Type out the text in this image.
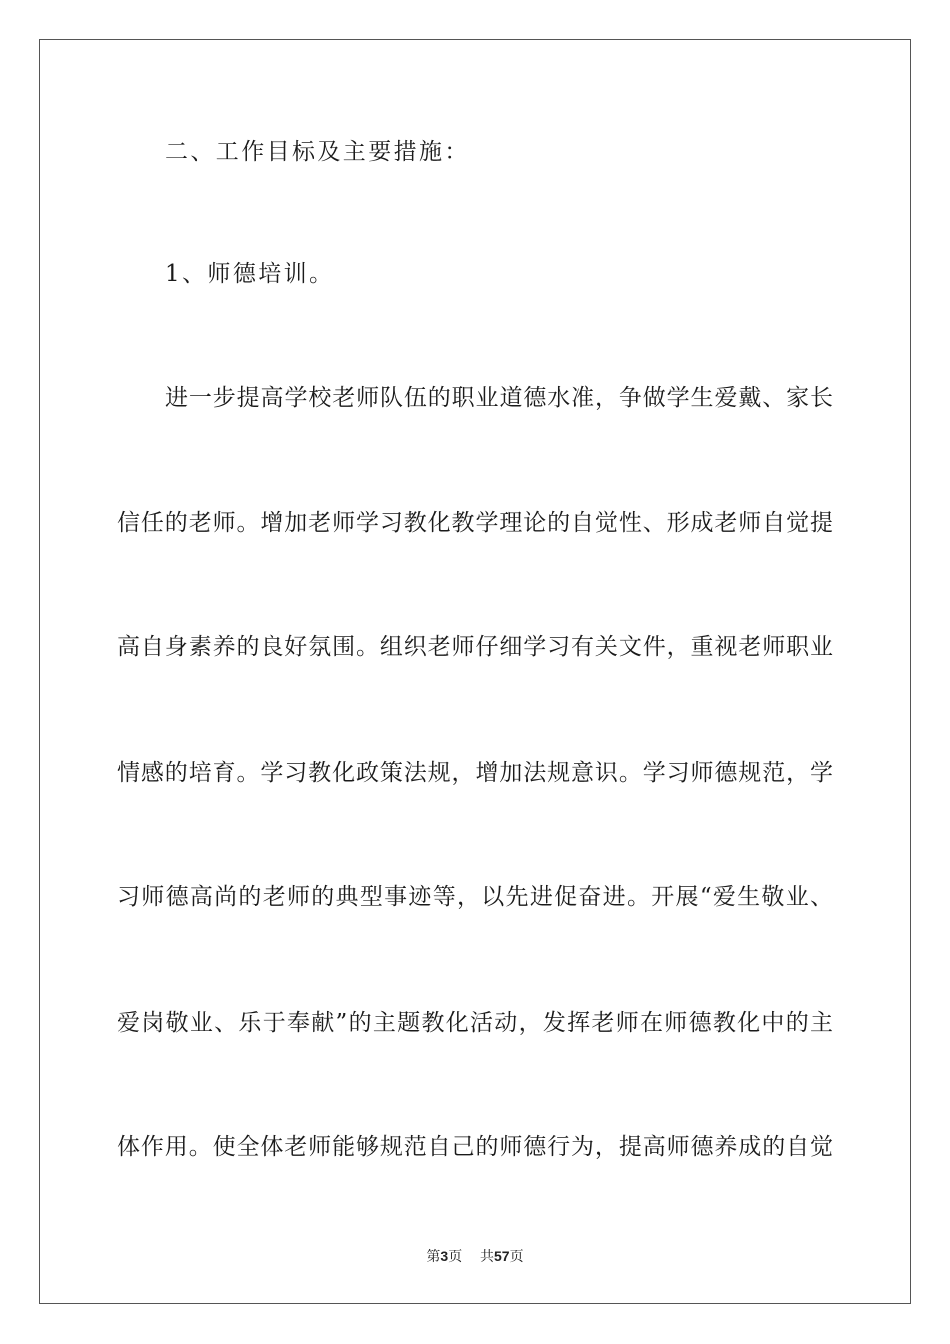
二、工作目标及主要措施：
1、师德培训。
进一步提高学校老师队伍的职业道德水准，争做学生爱戴、家长
信任的老师。增加老师学习教化教学理论的自觉性、形成老师自觉提
高自身素养的良好氛围。组织老师仔细学习有关文件，重视老师职业
情感的培育。学习教化政策法规，增加法规意识。学习师德规范，学
习师德高尚的老师的典型事迹等，以先进促奋进。开展“爱生敬业、
爱岗敬业、乐于奉献”的主题教化活动，发挥老师在师德教化中的主
体作用。使全体老师能够规范自己的师德行为，提高师德养成的自觉
第3页 共57页
